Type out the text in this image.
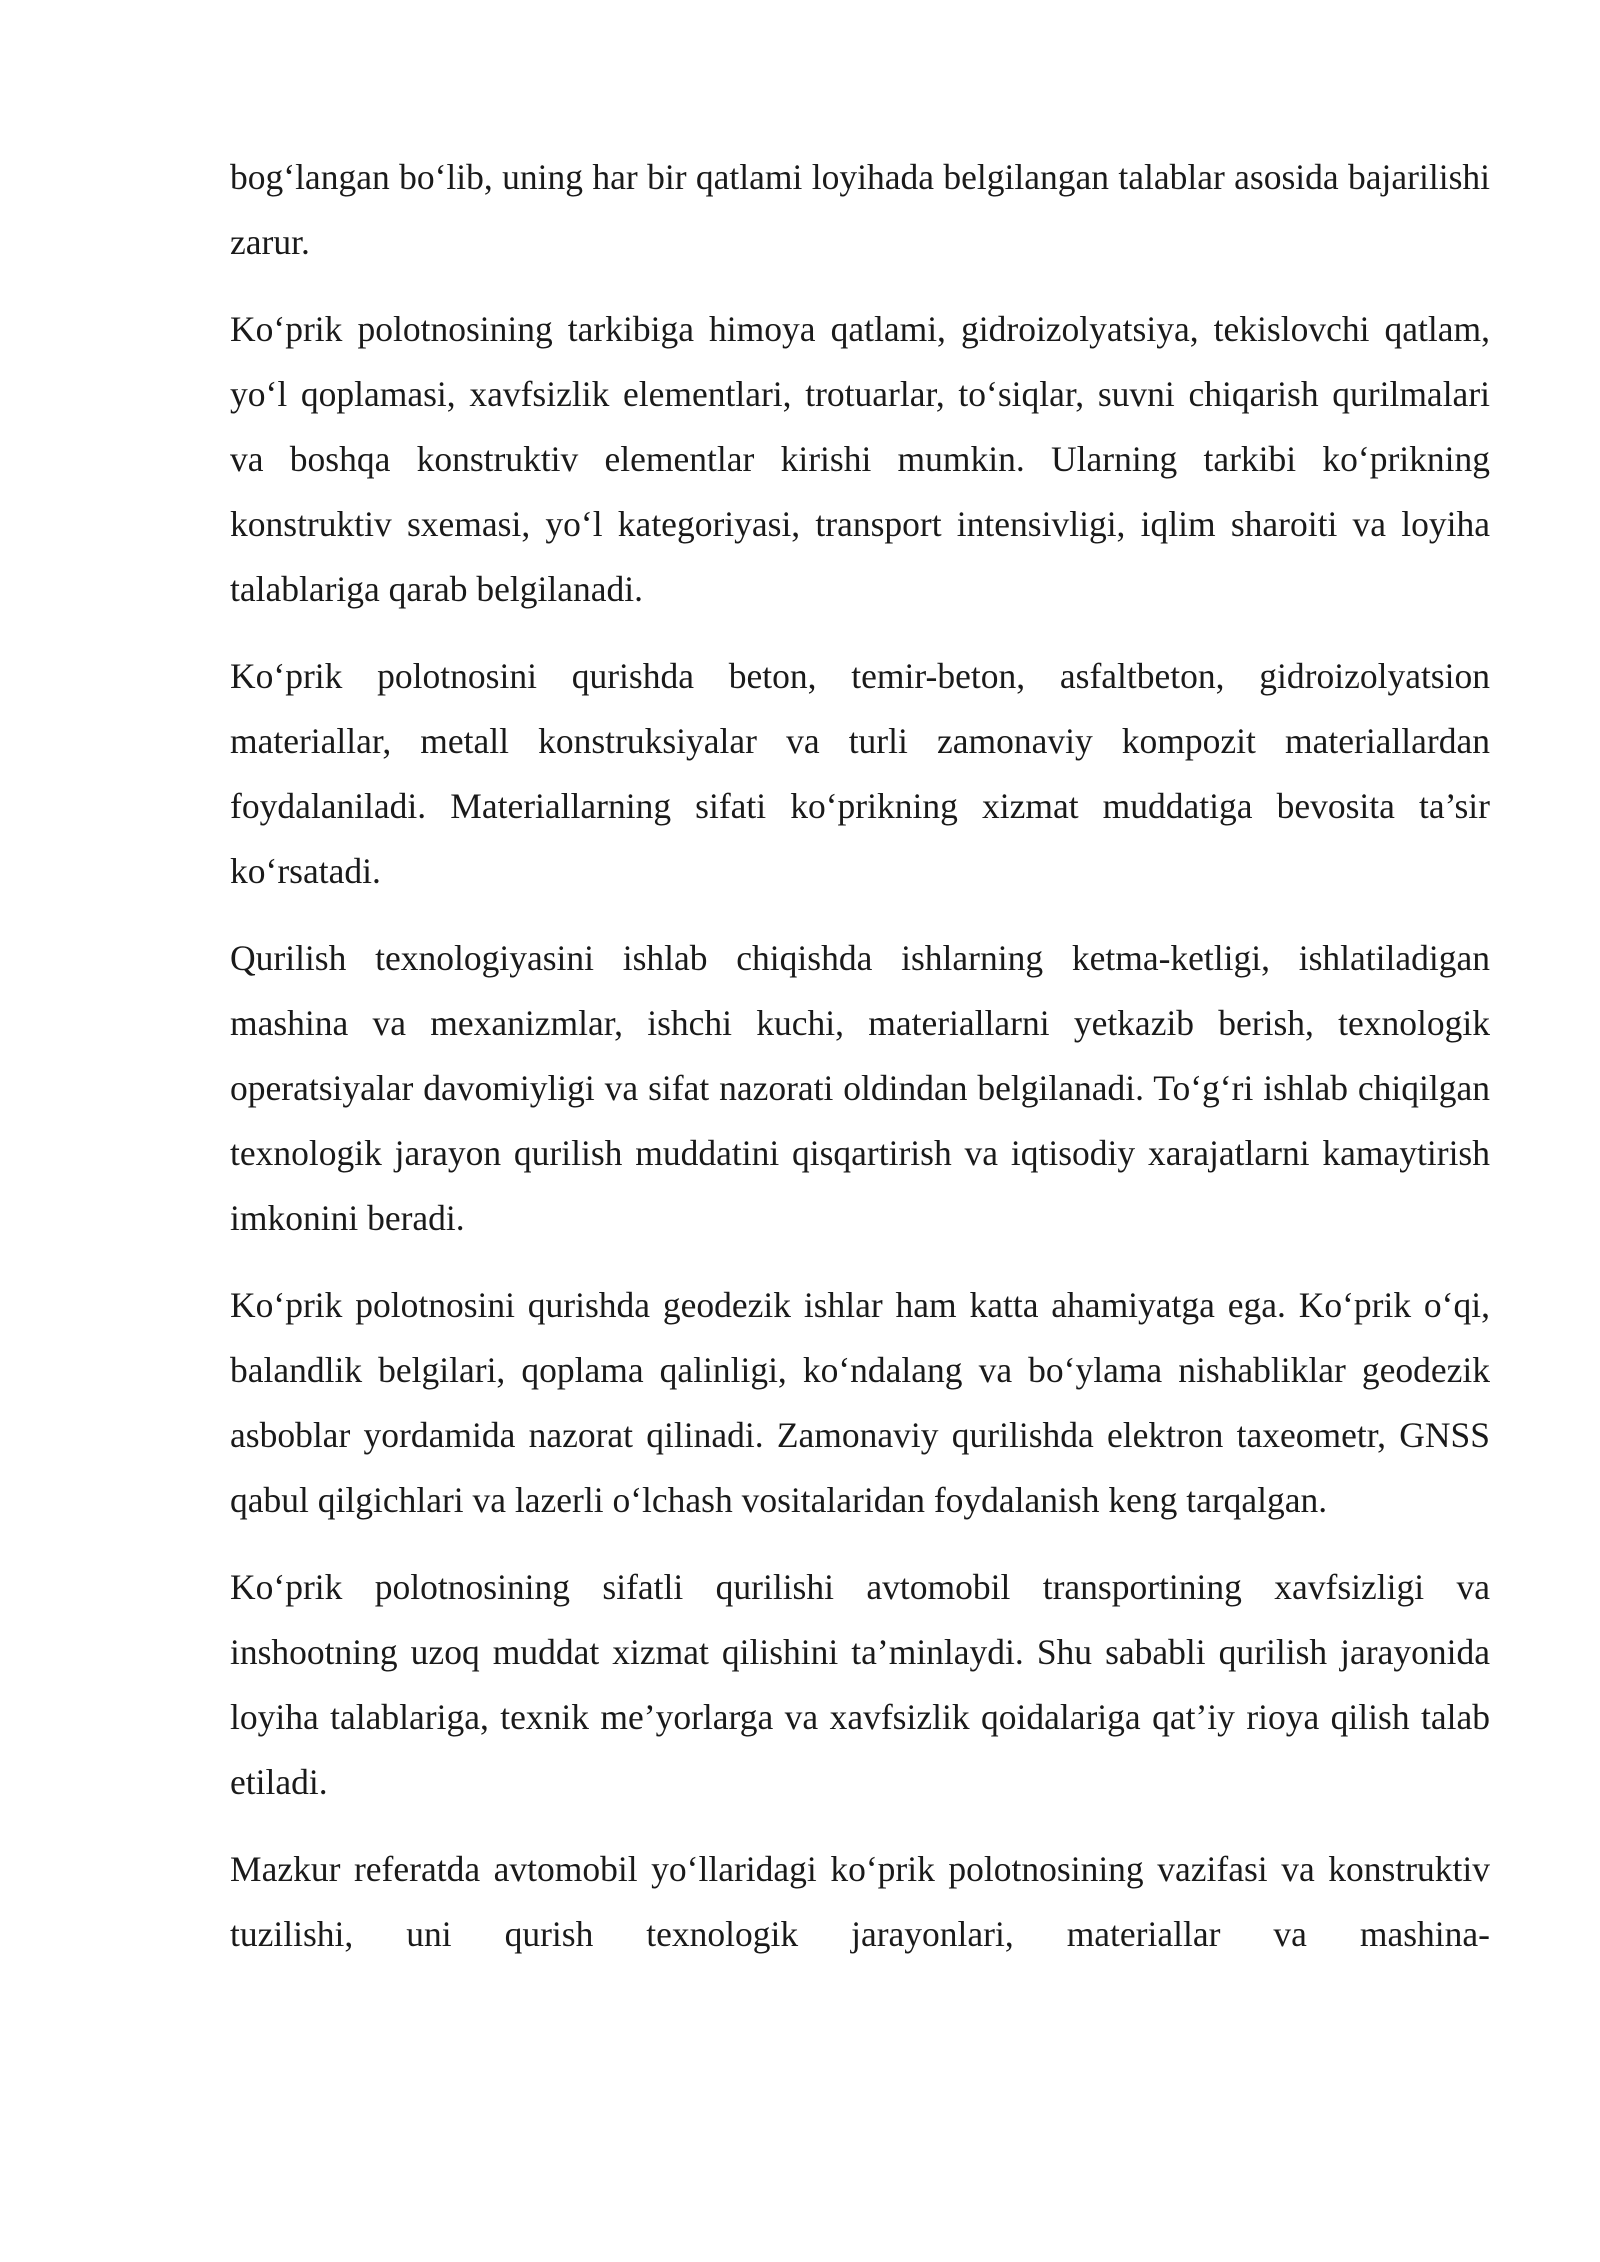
bog‘langan bo‘lib, uning har bir qatlami loyihada belgilangan talablar asosida bajarilishi zarur.

Ko‘prik polotnosining tarkibiga himoya qatlami, gidroizolyatsiya, tekislovchi qatlam, yo‘l qoplamasi, xavfsizlik elementlari, trotuarlar, to‘siqlar, suvni chiqarish qurilmalari va boshqa konstruktiv elementlar kirishi mumkin. Ularning tarkibi ko‘prikning konstruktiv sxemasi, yo‘l kategoriyasi, transport intensivligi, iqlim sharoiti va loyiha talablariga qarab belgilanadi.

Ko‘prik polotnosini qurishda beton, temir-beton, asfaltbeton, gidroizolyatsion materiallar, metall konstruksiyalar va turli zamonaviy kompozit materiallardan foydalaniladi. Materiallarning sifati ko‘prikning xizmat muddatiga bevosita ta’sir ko‘rsatadi.

Qurilish texnologiyasini ishlab chiqishda ishlarning ketma-ketligi, ishlatiladigan mashina va mexanizmlar, ishchi kuchi, materiallarni yetkazib berish, texnologik operatsiyalar davomiyligi va sifat nazorati oldindan belgilanadi. To‘g‘ri ishlab chiqilgan texnologik jarayon qurilish muddatini qisqartirish va iqtisodiy xarajatlarni kamaytirish imkonini beradi.

Ko‘prik polotnosini qurishda geodezik ishlar ham katta ahamiyatga ega. Ko‘prik o‘qi, balandlik belgilari, qoplama qalinligi, ko‘ndalang va bo‘ylama nishabliklar geodezik asboblar yordamida nazorat qilinadi. Zamonaviy qurilishda elektron taxeometr, GNSS qabul qilgichlari va lazerli o‘lchash vositalaridan foydalanish keng tarqalgan.

Ko‘prik polotnosining sifatli qurilishi avtomobil transportining xavfsizligi va inshootning uzoq muddat xizmat qilishini ta’minlaydi. Shu sababli qurilish jarayonida loyiha talablariga, texnik me’yorlarga va xavfsizlik qoidalariga qat’iy rioya qilish talab etiladi.

Mazkur referatda avtomobil yo‘llaridagi ko‘prik polotnosining vazifasi va konstruktiv tuzilishi, uni qurish texnologik jarayonlari, materiallar va mashina-
